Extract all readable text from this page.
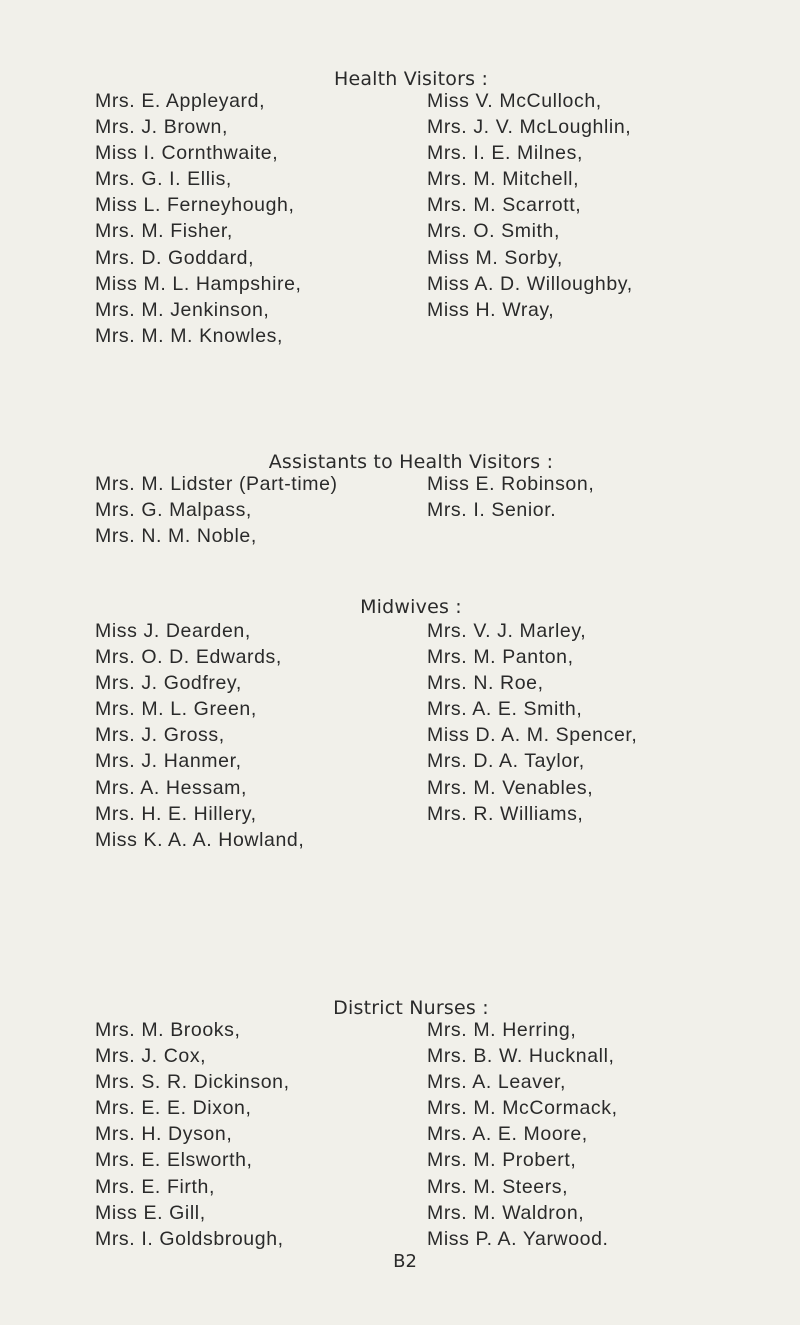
Health Visitors :
Mrs. E. Appleyard,
Mrs. J. Brown,
Miss I. Cornthwaite,
Mrs. G. I. Ellis,
Miss L. Ferneyhough,
Mrs. M. Fisher,
Mrs. D. Goddard,
Miss M. L. Hampshire,
Mrs. M. Jenkinson,
Mrs. M. M. Knowles,
Miss V. McCulloch,
Mrs. J. V. McLoughlin,
Mrs. I. E. Milnes,
Mrs. M. Mitchell,
Mrs. M. Scarrott,
Mrs. O. Smith,
Miss M. Sorby,
Miss A. D. Willoughby,
Miss H. Wray,
Assistants to Health Visitors :
Mrs. M. Lidster (Part-time)
Mrs. G. Malpass,
Mrs. N. M. Noble,
Miss E. Robinson,
Mrs. I. Senior.
Midwives :
Miss J. Dearden,
Mrs. O. D. Edwards,
Mrs. J. Godfrey,
Mrs. M. L. Green,
Mrs. J. Gross,
Mrs. J. Hanmer,
Mrs. A. Hessam,
Mrs. H. E. Hillery,
Miss K. A. A. Howland,
Mrs. V. J. Marley,
Mrs. M. Panton,
Mrs. N. Roe,
Mrs. A. E. Smith,
Miss D. A. M. Spencer,
Mrs. D. A. Taylor,
Mrs. M. Venables,
Mrs. R. Williams,
District Nurses :
Mrs. M. Brooks,
Mrs. J. Cox,
Mrs. S. R. Dickinson,
Mrs. E. E. Dixon,
Mrs. H. Dyson,
Mrs. E. Elsworth,
Mrs. E. Firth,
Miss E. Gill,
Mrs. I. Goldsbrough,
Mrs. M. Herring,
Mrs. B. W. Hucknall,
Mrs. A. Leaver,
Mrs. M. McCormack,
Mrs. A. E. Moore,
Mrs. M. Probert,
Mrs. M. Steers,
Mrs. M. Waldron,
Miss P. A. Yarwood.
B2
